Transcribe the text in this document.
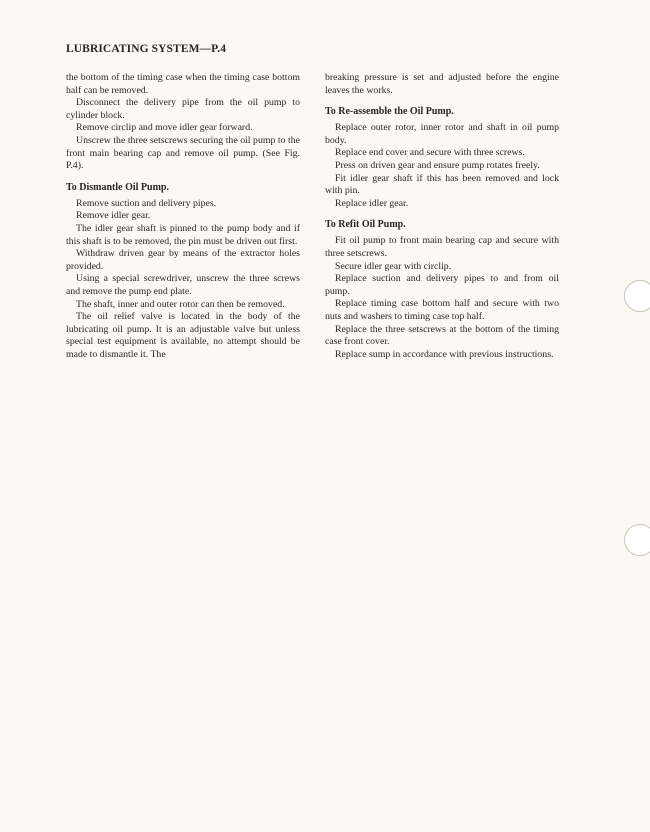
LUBRICATING SYSTEM—P.4

the bottom of the timing case when the timing case bottom half can be removed.

Disconnect the delivery pipe from the oil pump to cylinder block.

Remove circlip and move idler gear forward.

Unscrew the three setscrews securing the oil pump to the front main bearing cap and remove oil pump. (See Fig. P.4).

To Dismantle Oil Pump.

Remove suction and delivery pipes.

Remove idler gear.

The idler gear shaft is pinned to the pump body and if this shaft is to be removed, the pin must be driven out first.

Withdraw driven gear by means of the extractor holes provided.

Using a special screwdriver, unscrew the three screws and remove the pump end plate.

The shaft, inner and outer rotor can then be removed.

The oil relief valve is located in the body of the lubricating oil pump. It is an adjustable valve but unless special test equipment is available, no attempt should be made to dismantle it. The

breaking pressure is set and adjusted before the engine leaves the works.

To Re-assemble the Oil Pump.

Replace outer rotor, inner rotor and shaft in oil pump body.

Replace end cover and secure with three screws.

Press on driven gear and ensure pump rotates freely.

Fit idler gear shaft if this has been removed and lock with pin.

Replace idler gear.

To Refit Oil Pump.

Fit oil pump to front main bearing cap and secure with three setscrews.

Secure idler gear with circlip.

Replace suction and delivery pipes to and from oil pump.

Replace timing case bottom half and secure with two nuts and washers to timing case top half.

Replace the three setscrews at the bottom of the timing case front cover.

Replace sump in accordance with previous instructions.
